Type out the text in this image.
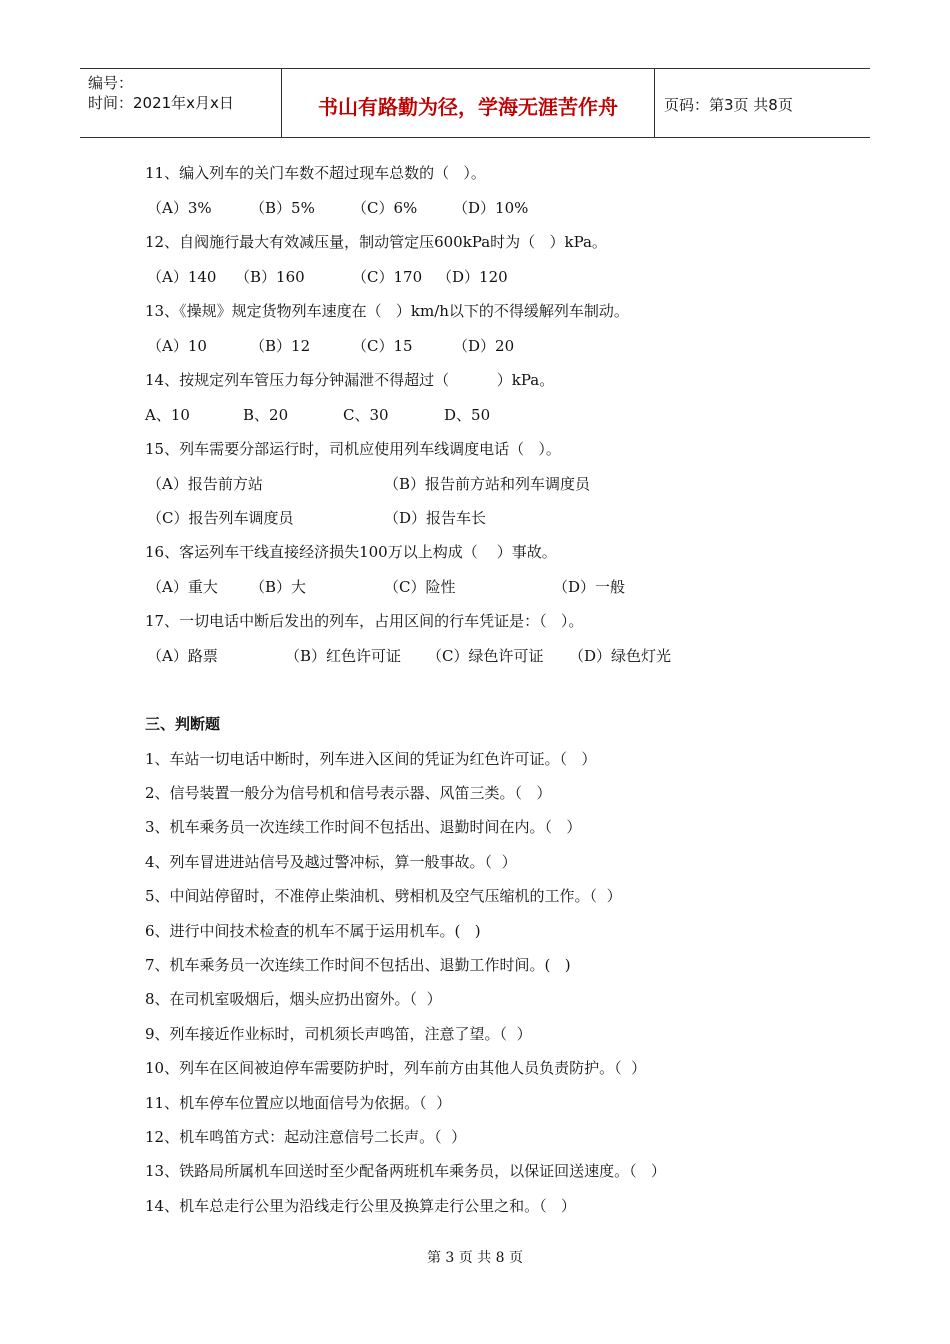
编号：
时间：2021年x月x日	书山有路勤为径，学海无涯苦作舟	页码：第3页 共8页
11、编入列车的关门车数不超过现车总数的（   ）。
（A）3%	（B）5% （C）6% （D）10%
12、自阀施行最大有效减压量，制动管定压600kPa时为（   ）kPa。
（A）140 （B）160	（C）170 （D）120
13、《操规》规定货物列车速度在（   ）km/h以下的不得缓解列车制动。
（A）10	（B）12	（C）15	（D）20
14、按规定列车管压力每分钟漏泄不得超过（          ）kPa。
A、10	B、20	C、30	D、50
15、列车需要分部运行时，司机应使用列车线调度电话（   ）。
（A）报告前方站	（B）报告前方站和列车调度员
（C）报告列车调度员	（D）报告车长
16、客运列车干线直接经济损失100万以上构成（    ）事故。
（A）重大 （B）大	（C）险性	（D）一般
17、一切电话中断后发出的列车，占用区间的行车凭证是：（   ）。
（A）路票	（B）红色许可证 （C）绿色许可证 （D）绿色灯光
三、判断题
1、车站一切电话中断时，列车进入区间的凭证为红色许可证。（   ）
2、信号装置一般分为信号机和信号表示器、风笛三类。（   ）
3、机车乘务员一次连续工作时间不包括出、退勤时间在内。（   ）
4、列车冒进进站信号及越过警冲标，算一般事故。（  ）
5、中间站停留时，不准停止柴油机、劈相机及空气压缩机的工作。（  ）
6、进行中间技术检查的机车不属于运用机车。(   )
7、机车乘务员一次连续工作时间不包括出、退勤工作时间。(   )
8、在司机室吸烟后，烟头应扔出窗外。（  ）
9、列车接近作业标时，司机须长声鸣笛，注意了望。（  ）
10、列车在区间被迫停车需要防护时，列车前方由其他人员负责防护。（  ）
11、机车停车位置应以地面信号为依据。（  ）
12、机车鸣笛方式：起动注意信号二长声。（  ）
13、铁路局所属机车回送时至少配备两班机车乘务员，以保证回送速度。（   ）
14、机车总走行公里为沿线走行公里及换算走行公里之和。（   ）
第 3 页 共 8 页
